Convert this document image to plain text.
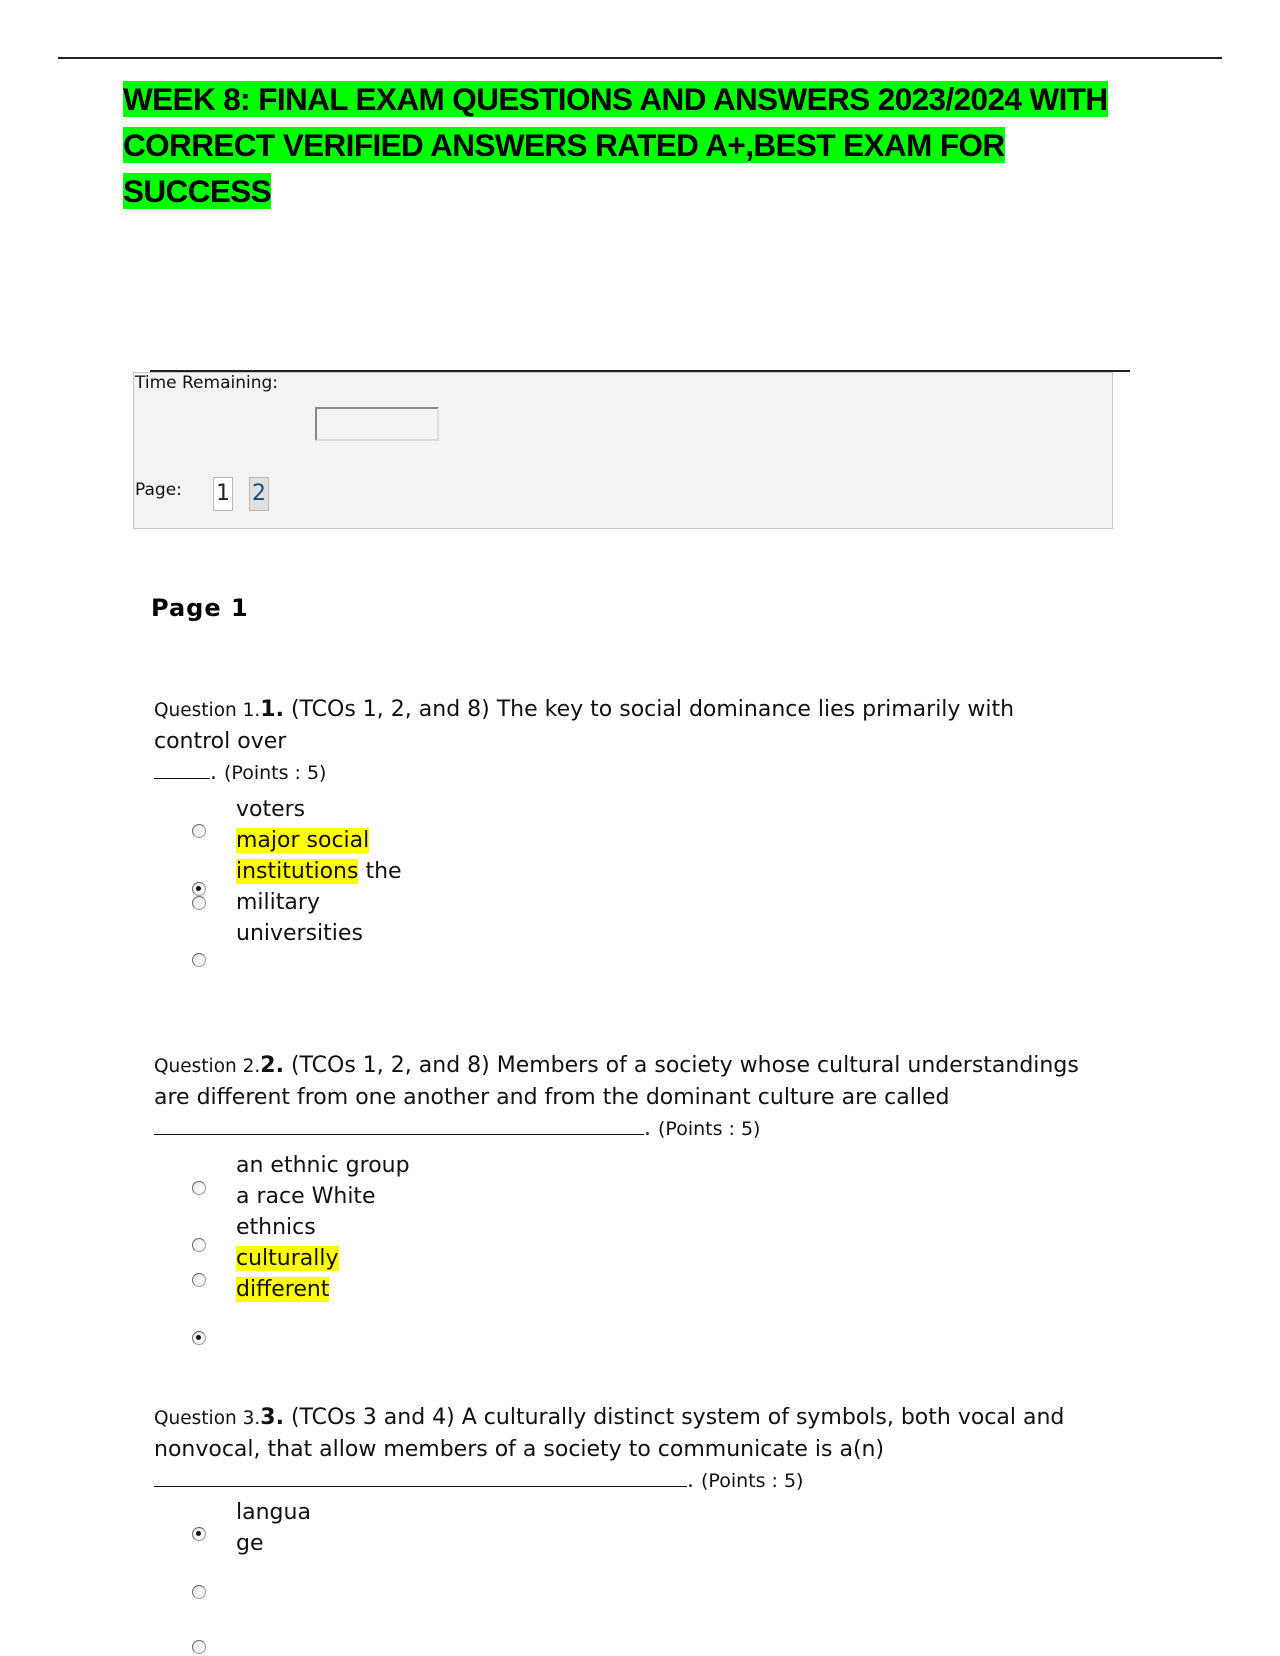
WEEK 8: FINAL EXAM QUESTIONS AND ANSWERS 2023/2024 WITH CORRECT VERIFIED ANSWERS RATED A+,BEST EXAM FOR SUCCESS
Time Remaining:
Page: 1 2
Page 1
Question 1.1. (TCOs 1, 2, and 8) The key to social dominance lies primarily with control over
. (Points : 5)
voters
major social institutions the military universities
Question 2.2. (TCOs 1, 2, and 8) Members of a society whose cultural understandings are different from one another and from the dominant culture are called. (Points : 5)
an ethnic group a race White ethnics
culturally different
Question 3.3. (TCOs 3 and 4) A culturally distinct system of symbols, both vocal and nonvocal, that allow members of a society to communicate is a(n)
. (Points : 5)
langua ge
